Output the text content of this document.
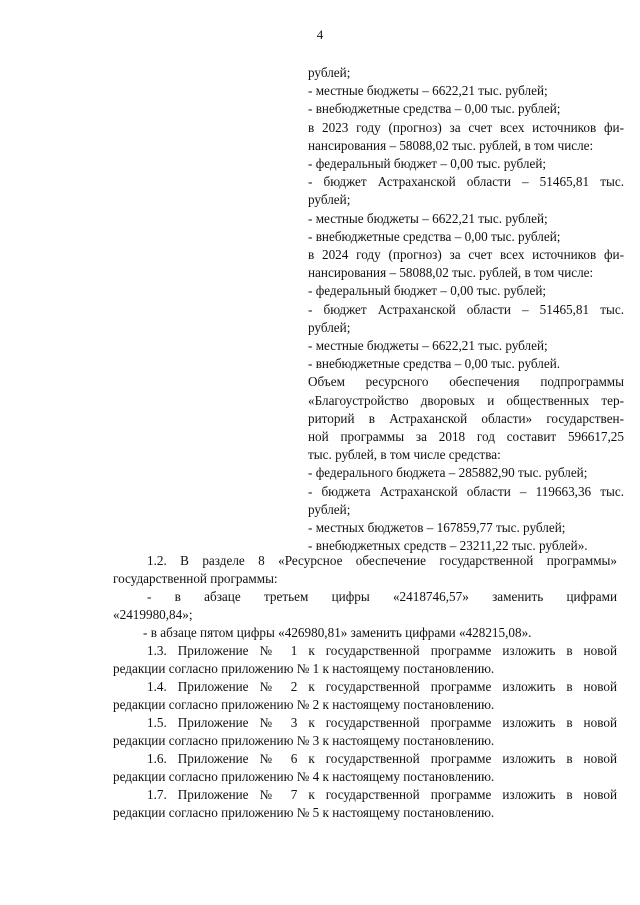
4
рублей;
- местные бюджеты – 6622,21 тыс. рублей;
- внебюджетные средства – 0,00 тыс. рублей;
в 2023 году (прогноз) за счет всех источников фи-
нансирования – 58088,02 тыс. рублей, в том числе:
- федеральный бюджет – 0,00 тыс. рублей;
- бюджет Астраханской области – 51465,81 тыс.
рублей;
- местные бюджеты – 6622,21 тыс. рублей;
- внебюджетные средства – 0,00 тыс. рублей;
в 2024 году (прогноз) за счет всех источников фи-
нансирования – 58088,02 тыс. рублей, в том числе:
- федеральный бюджет – 0,00 тыс. рублей;
- бюджет Астраханской области – 51465,81 тыс.
рублей;
- местные бюджеты – 6622,21 тыс. рублей;
- внебюджетные средства – 0,00 тыс. рублей.
Объем ресурсного обеспечения подпрограммы
«Благоустройство дворовых и общественных тер-
риторий в Астраханской области» государствен-
ной программы за 2018 год составит 596617,25
тыс. рублей, в том числе средства:
- федерального бюджета – 285882,90 тыс. рублей;
- бюджета Астраханской области – 119663,36 тыс.
рублей;
- местных бюджетов – 167859,77 тыс. рублей;
- внебюджетных средств – 23211,22 тыс. рублей».
1.2. В разделе 8 «Ресурсное обеспечение государственной программы»
государственной программы:
- в абзаце третьем цифры «2418746,57» заменить цифрами
«2419980,84»;
- в абзаце пятом цифры «426980,81» заменить цифрами «428215,08».
1.3. Приложение № 1 к государственной программе изложить в новой
редакции согласно приложению № 1 к настоящему постановлению.
1.4. Приложение № 2 к государственной программе изложить в новой
редакции согласно приложению № 2 к настоящему постановлению.
1.5. Приложение № 3 к государственной программе изложить в новой
редакции согласно приложению № 3 к настоящему постановлению.
1.6. Приложение № 6 к государственной программе изложить в новой
редакции согласно приложению № 4 к настоящему постановлению.
1.7. Приложение № 7 к государственной программе изложить в новой
редакции согласно приложению № 5 к настоящему постановлению.
